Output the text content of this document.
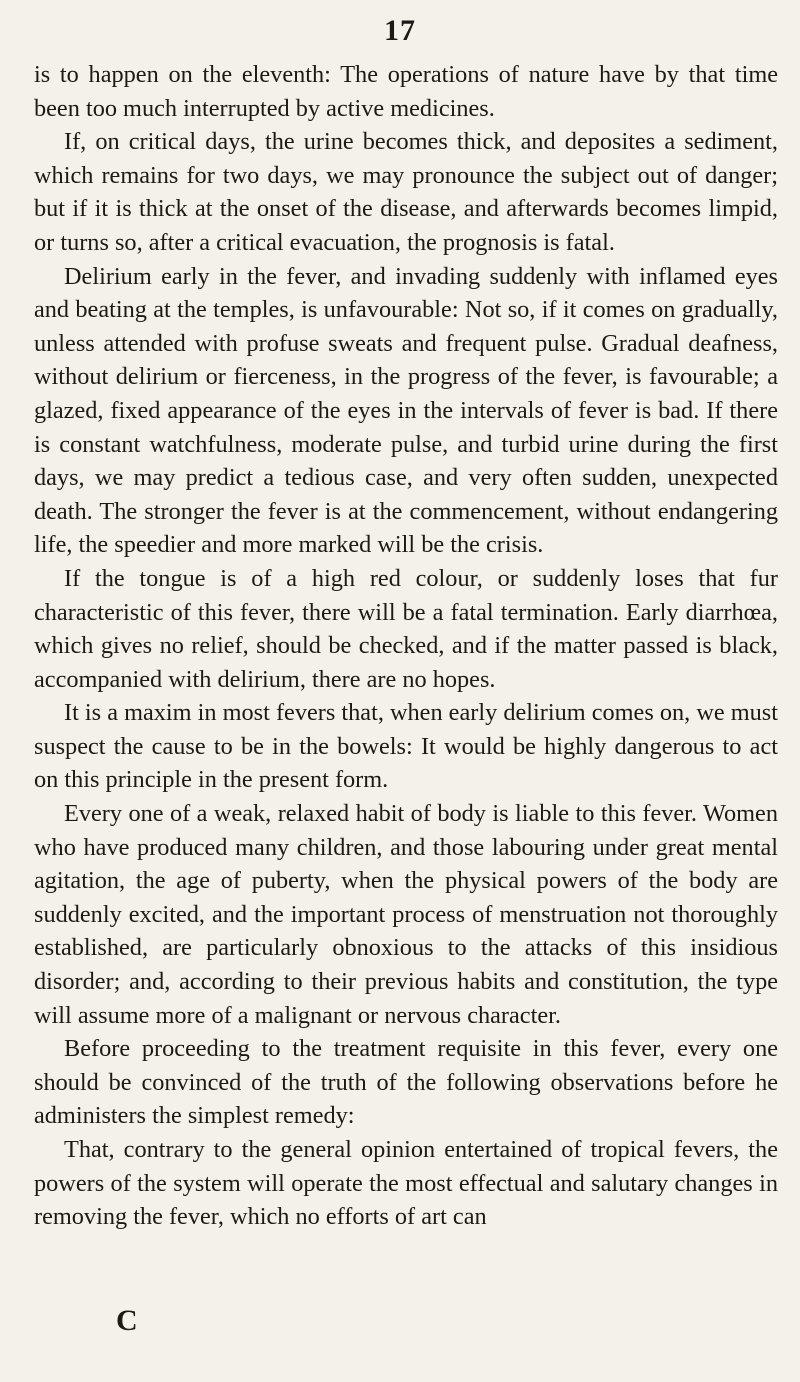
17

is to happen on the eleventh: The operations of nature have by that time been too much interrupted by active medicines.

If, on critical days, the urine becomes thick, and deposites a sediment, which remains for two days, we may pronounce the subject out of danger; but if it is thick at the onset of the disease, and afterwards becomes limpid, or turns so, after a critical evacuation, the prognosis is fatal.

Delirium early in the fever, and invading suddenly with inflamed eyes and beating at the temples, is unfavourable: Not so, if it comes on gradually, unless attended with profuse sweats and frequent pulse. Gradual deafness, without delirium or fierceness, in the progress of the fever, is favourable; a glazed, fixed appearance of the eyes in the intervals of fever is bad. If there is constant watchfulness, moderate pulse, and turbid urine during the first days, we may predict a tedious case, and very often sudden, unexpected death. The stronger the fever is at the commencement, without endangering life, the speedier and more marked will be the crisis.

If the tongue is of a high red colour, or suddenly loses that fur characteristic of this fever, there will be a fatal termination. Early diarrhœa, which gives no relief, should be checked, and if the matter passed is black, accompanied with delirium, there are no hopes.

It is a maxim in most fevers that, when early delirium comes on, we must suspect the cause to be in the bowels: It would be highly dangerous to act on this principle in the present form.

Every one of a weak, relaxed habit of body is liable to this fever. Women who have produced many children, and those labouring under great mental agitation, the age of puberty, when the physical powers of the body are suddenly excited, and the important process of menstruation not thoroughly established, are particularly obnoxious to the attacks of this insidious disorder; and, according to their previous habits and constitution, the type will assume more of a malignant or nervous character.

Before proceeding to the treatment requisite in this fever, every one should be convinced of the truth of the following observations before he administers the simplest remedy:

That, contrary to the general opinion entertained of tropical fevers, the powers of the system will operate the most effectual and salutary changes in removing the fever, which no efforts of art can

C
